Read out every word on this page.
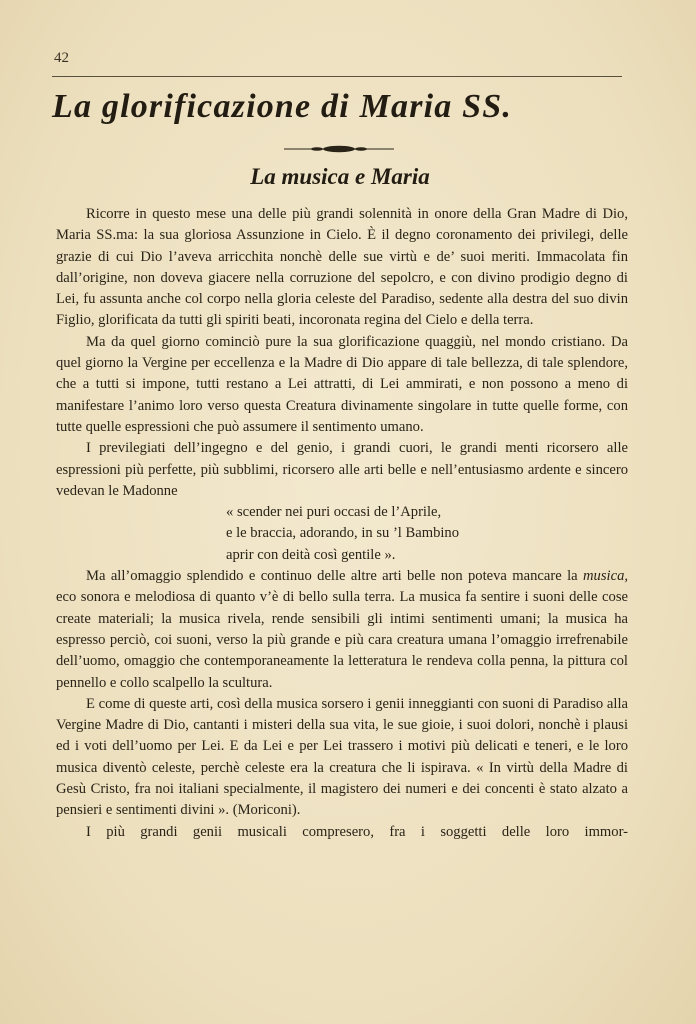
42
La glorificazione di Maria SS.
La musica e Maria

Ricorre in questo mese una delle più grandi solennità in onore della Gran Madre di Dio, Maria SS.ma: la sua gloriosa Assunzione in Cielo. È il degno coronamento dei privilegi, delle grazie di cui Dio l’aveva arricchita nonchè delle sue virtù e de’ suoi meriti. Immacolata fin dall’origine, non doveva giacere nella corruzione del sepolcro, e con divino prodigio degno di Lei, fu assunta anche col corpo nella gloria celeste del Paradiso, sedente alla destra del suo divin Figlio, glorificata da tutti gli spiriti beati, incoronata regina del Cielo e della terra.

Ma da quel giorno cominciò pure la sua glorificazione quaggiù, nel mondo cristiano. Da quel giorno la Vergine per eccellenza e la Madre di Dio appare di tale bellezza, di tale splendore, che a tutti si impone, tutti restano a Lei attratti, di Lei ammirati, e non possono a meno di manifestare l’animo loro verso questa Creatura divinamente singolare in tutte quelle forme, con tutte quelle espressioni che può assumere il sentimento umano.

I previlegiati dell’ingegno e del genio, i grandi cuori, le grandi menti ricorsero alle espressioni più perfette, più subblimi, ricorsero alle arti belle e nell’entusiasmo ardente e sincero vedevan le Madonne

« scender nei puri occasi de l’Aprile,
e le braccia, adorando, in su ’l Bambino
aprir con deità così gentile ».

Ma all’omaggio splendido e continuo delle altre arti belle non poteva mancare la musica, eco sonora e melodiosa di quanto v’è di bello sulla terra. La musica fa sentire i suoni delle cose create materiali; la musica rivela, rende sensibili gli intimi sentimenti umani; la musica ha espresso perciò, coi suoni, verso la più grande e più cara creatura umana l’omaggio irrefrenabile dell’uomo, omaggio che contemporaneamente la letteratura le rendeva colla penna, la pittura col pennello e collo scalpello la scultura.

E come di queste arti, così della musica sorsero i genii inneggianti con suoni di Paradiso alla Vergine Madre di Dio, cantanti i misteri della sua vita, le sue gioie, i suoi dolori, nonchè i plausi ed i voti dell’uomo per Lei. E da Lei e per Lei trassero i motivi più delicati e teneri, e le loro musica diventò celeste, perchè celeste era la creatura che li ispirava. « In virtù della Madre di Gesù Cristo, fra noi italiani specialmente, il magistero dei numeri e dei concenti è stato alzato a pensieri e sentimenti divini ». (Moriconi).

I più grandi genii musicali compresero, fra i soggetti delle loro immor-
